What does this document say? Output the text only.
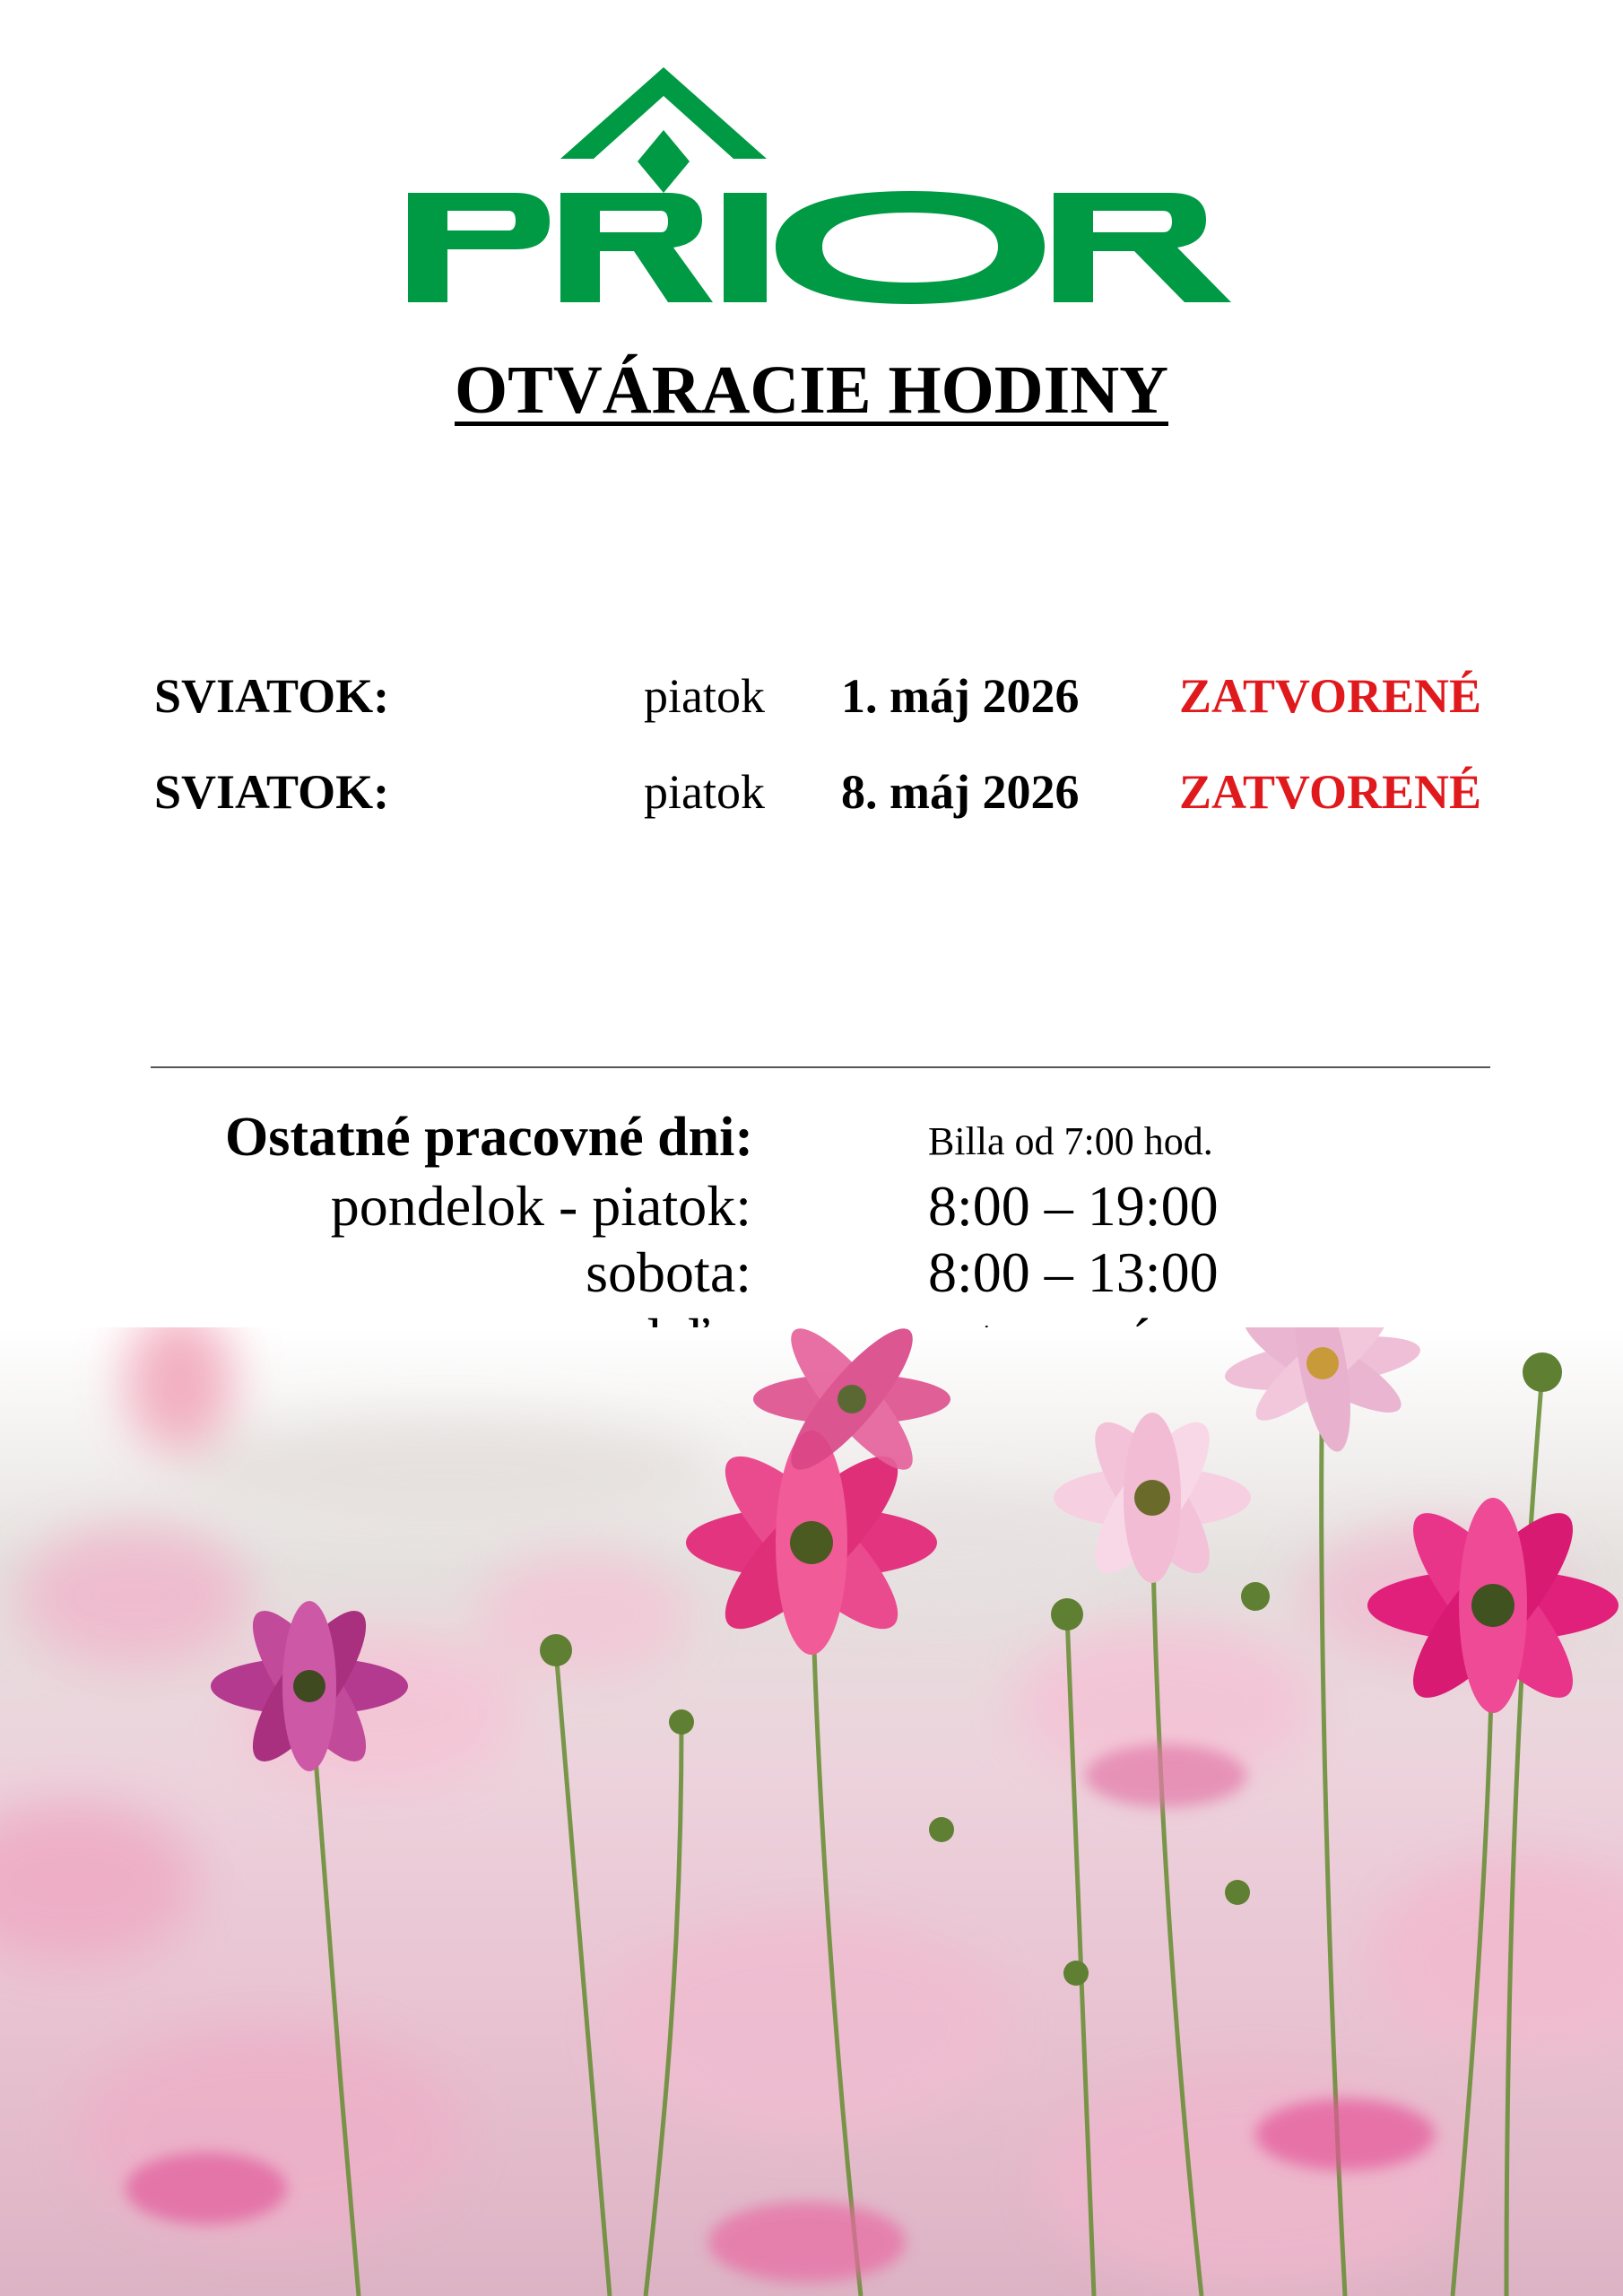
OTVÁRACIE HODINY
SVIATOK:	piatok 1. máj 2026 ZATVORENÉ
SVIATOK:	piatok 8. máj 2026 ZATVORENÉ
Ostatné pracovné dni:	Billa od 7:00 hod.
pondelok - piatok:	8:00 – 19:00
sobota:	8:00 – 13:00
